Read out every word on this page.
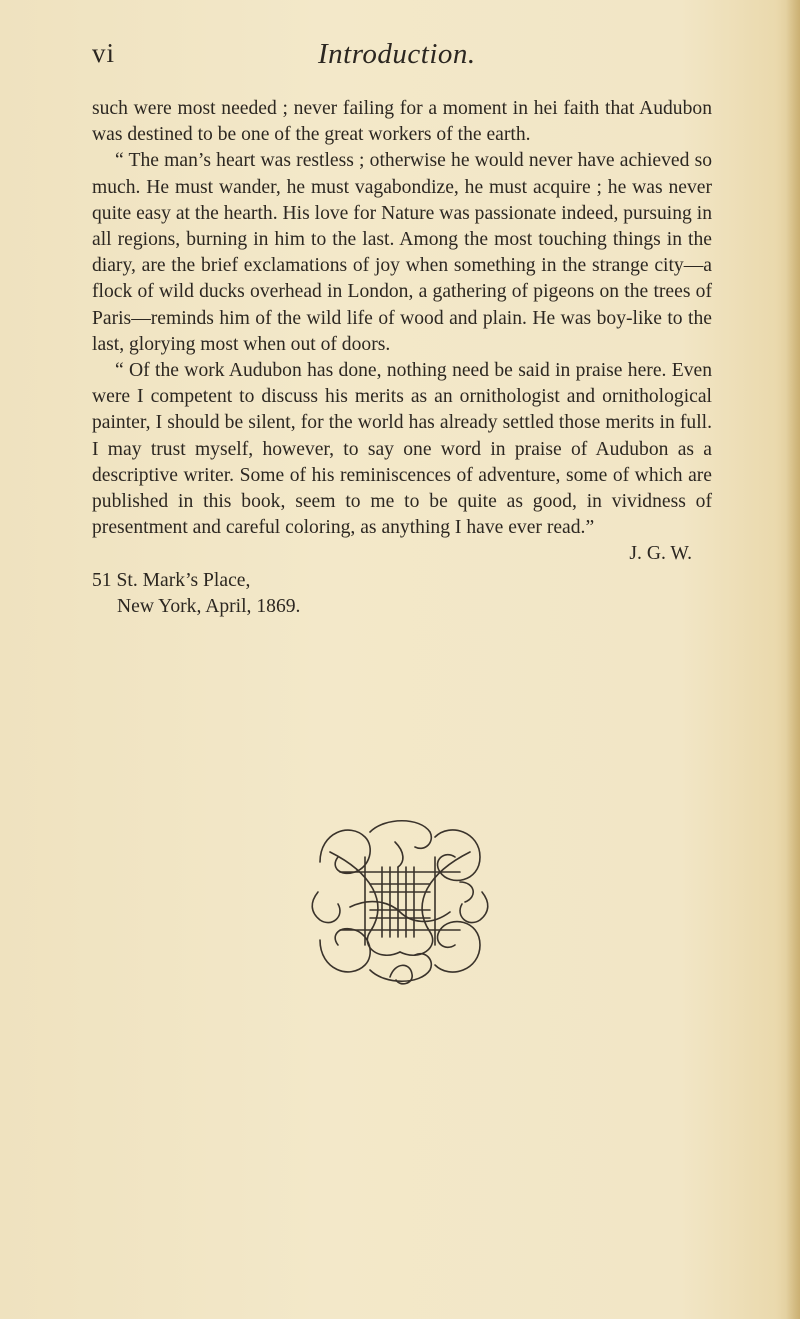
vi	Introduction.

such were most needed ; never failing for a moment in hei faith that Audubon was destined to be one of the great workers of the earth.

“ The man’s heart was restless ; otherwise he would never have achieved so much. He must wander, he must vagabondize, he must acquire ; he was never quite easy at the hearth. His love for Nature was passionate indeed, pursuing in all regions, burning in him to the last. Among the most touching things in the diary, are the brief exclamations of joy when something in the strange city—a flock of wild ducks overhead in London, a gathering of pigeons on the trees of Paris—reminds him of the wild life of wood and plain. He was boy-like to the last, glorying most when out of doors.

“ Of the work Audubon has done, nothing need be said in praise here. Even were I competent to discuss his merits as an ornithologist and ornithological painter, I should be silent, for the world has already settled those merits in full. I may trust myself, however, to say one word in praise of Audubon as a descriptive writer. Some of his reminiscences of adventure, some of which are published in this book, seem to me to be quite as good, in vividness of presentment and careful coloring, as anything I have ever read.”

J. G. W.

51 St. Mark’s Place,

New York, April, 1869.
